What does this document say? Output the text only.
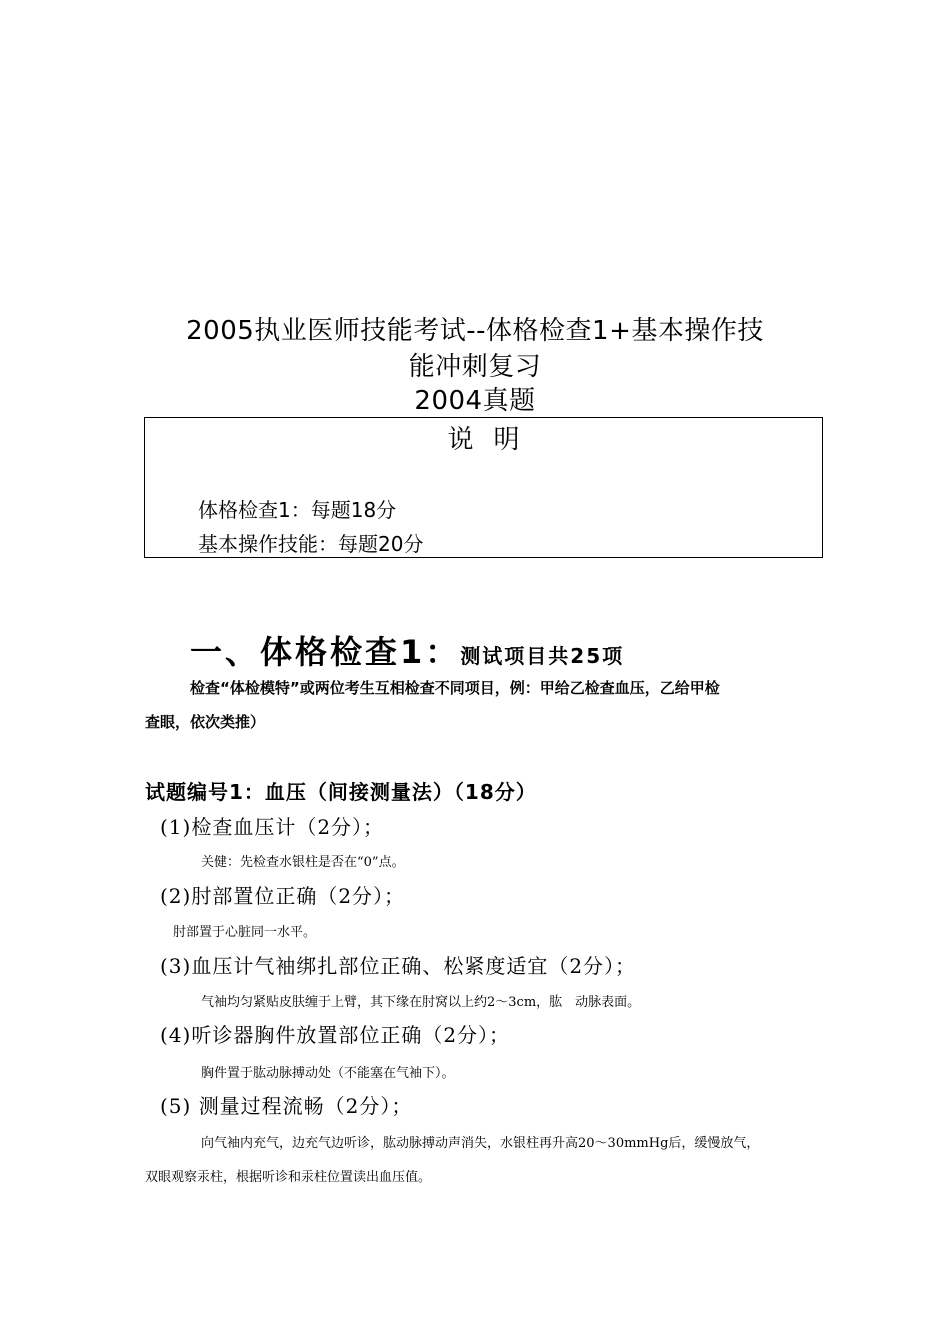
2005执业医师技能考试--体格检查1+基本操作技
能冲刺复习
2004真题
说明
体格检查1：每题18分
基本操作技能：每题20分
一、体格检查1：测试项目共25项
检查“体检模特”或两位考生互相检查不同项目，例：甲给乙检查血压，乙给甲检
查眼，依次类推）
试题编号1：血压（间接测量法）（18分）
(1)检查血压计（2分）；
关健：先检查水银柱是否在“0”点。
(2)肘部置位正确（2分）；
肘部置于心脏同一水平。
(3)血压计气袖绑扎部位正确、松紧度适宜（2分）；
气袖均匀紧贴皮肤缠于上臂，其下缘在肘窝以上约2～3cm，肱　动脉表面。
(4)听诊器胸件放置部位正确（2分）；
胸件置于肱动脉搏动处（不能塞在气袖下）。
(5) 测量过程流畅（2分）；
向气袖内充气，边充气边听诊，肱动脉搏动声消失，水银柱再升高20～30mmHg后，缓慢放气，
双眼观察汞柱，根据听诊和汞柱位置读出血压值。
